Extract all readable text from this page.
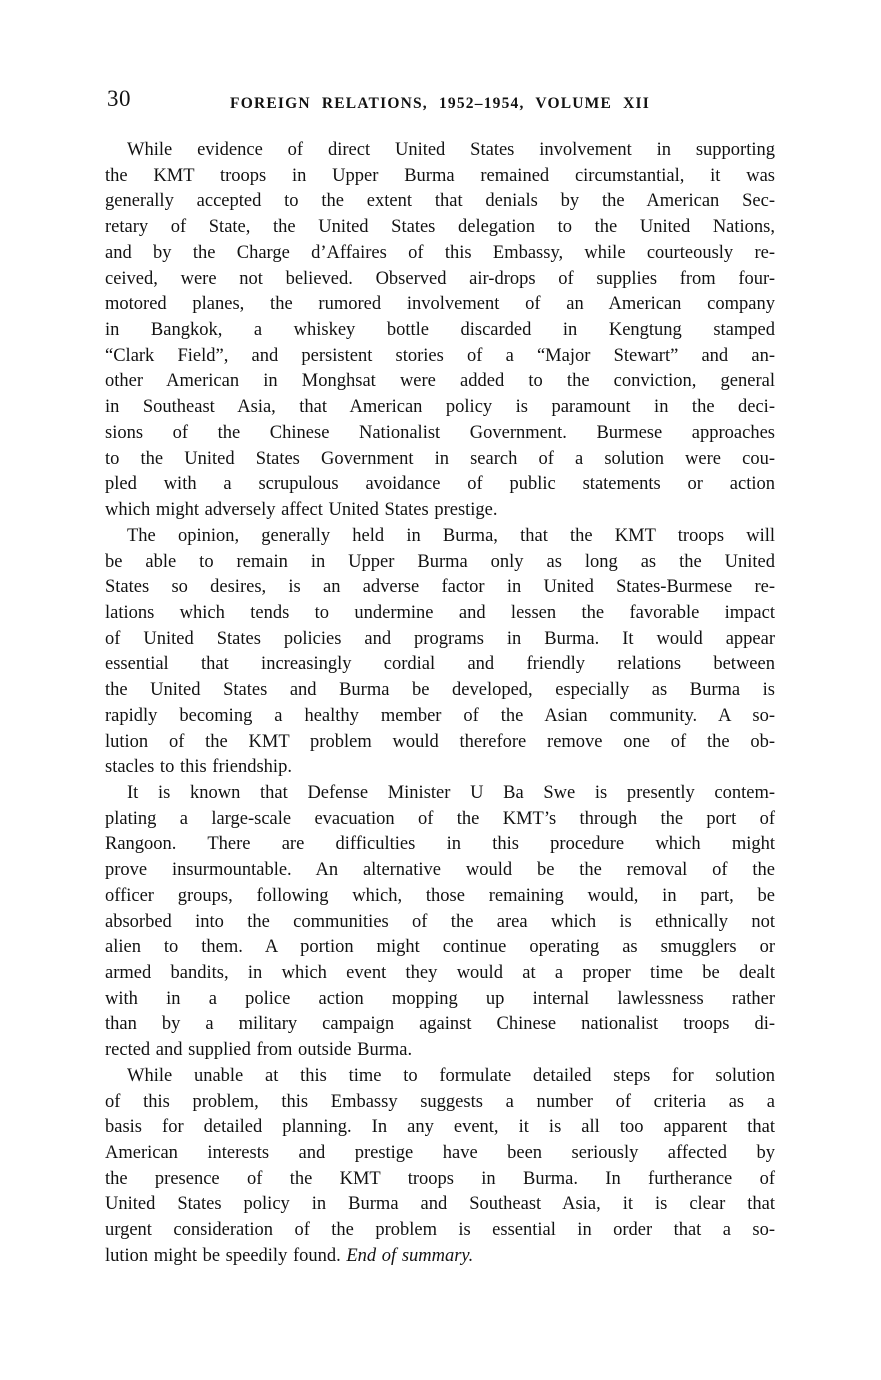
30	FOREIGN RELATIONS, 1952–1954, VOLUME XII
While evidence of direct United States involvement in supporting
the KMT troops in Upper Burma remained circumstantial, it was
generally accepted to the extent that denials by the American Sec-
retary of State, the United States delegation to the United Nations,
and by the Charge d’Affaires of this Embassy, while courteously re-
ceived, were not believed. Observed air-drops of supplies from four-
motored planes, the rumored involvement of an American company
in Bangkok, a whiskey bottle discarded in Kengtung stamped
“Clark Field”, and persistent stories of a “Major Stewart” and an-
other American in Monghsat were added to the conviction, general
in Southeast Asia, that American policy is paramount in the deci-
sions of the Chinese Nationalist Government. Burmese approaches
to the United States Government in search of a solution were cou-
pled with a scrupulous avoidance of public statements or action
which might adversely affect United States prestige.
The opinion, generally held in Burma, that the KMT troops will
be able to remain in Upper Burma only as long as the United
States so desires, is an adverse factor in United States-Burmese re-
lations which tends to undermine and lessen the favorable impact
of United States policies and programs in Burma. It would appear
essential that increasingly cordial and friendly relations between
the United States and Burma be developed, especially as Burma is
rapidly becoming a healthy member of the Asian community. A so-
lution of the KMT problem would therefore remove one of the ob-
stacles to this friendship.
It is known that Defense Minister U Ba Swe is presently contem-
plating a large-scale evacuation of the KMT’s through the port of
Rangoon. There are difficulties in this procedure which might
prove insurmountable. An alternative would be the removal of the
officer groups, following which, those remaining would, in part, be
absorbed into the communities of the area which is ethnically not
alien to them. A portion might continue operating as smugglers or
armed bandits, in which event they would at a proper time be dealt
with in a police action mopping up internal lawlessness rather
than by a military campaign against Chinese nationalist troops di-
rected and supplied from outside Burma.
While unable at this time to formulate detailed steps for solution
of this problem, this Embassy suggests a number of criteria as a
basis for detailed planning. In any event, it is all too apparent that
American interests and prestige have been seriously affected by
the presence of the KMT troops in Burma. In furtherance of
United States policy in Burma and Southeast Asia, it is clear that
urgent consideration of the problem is essential in order that a so-
lution might be speedily found. End of summary.
